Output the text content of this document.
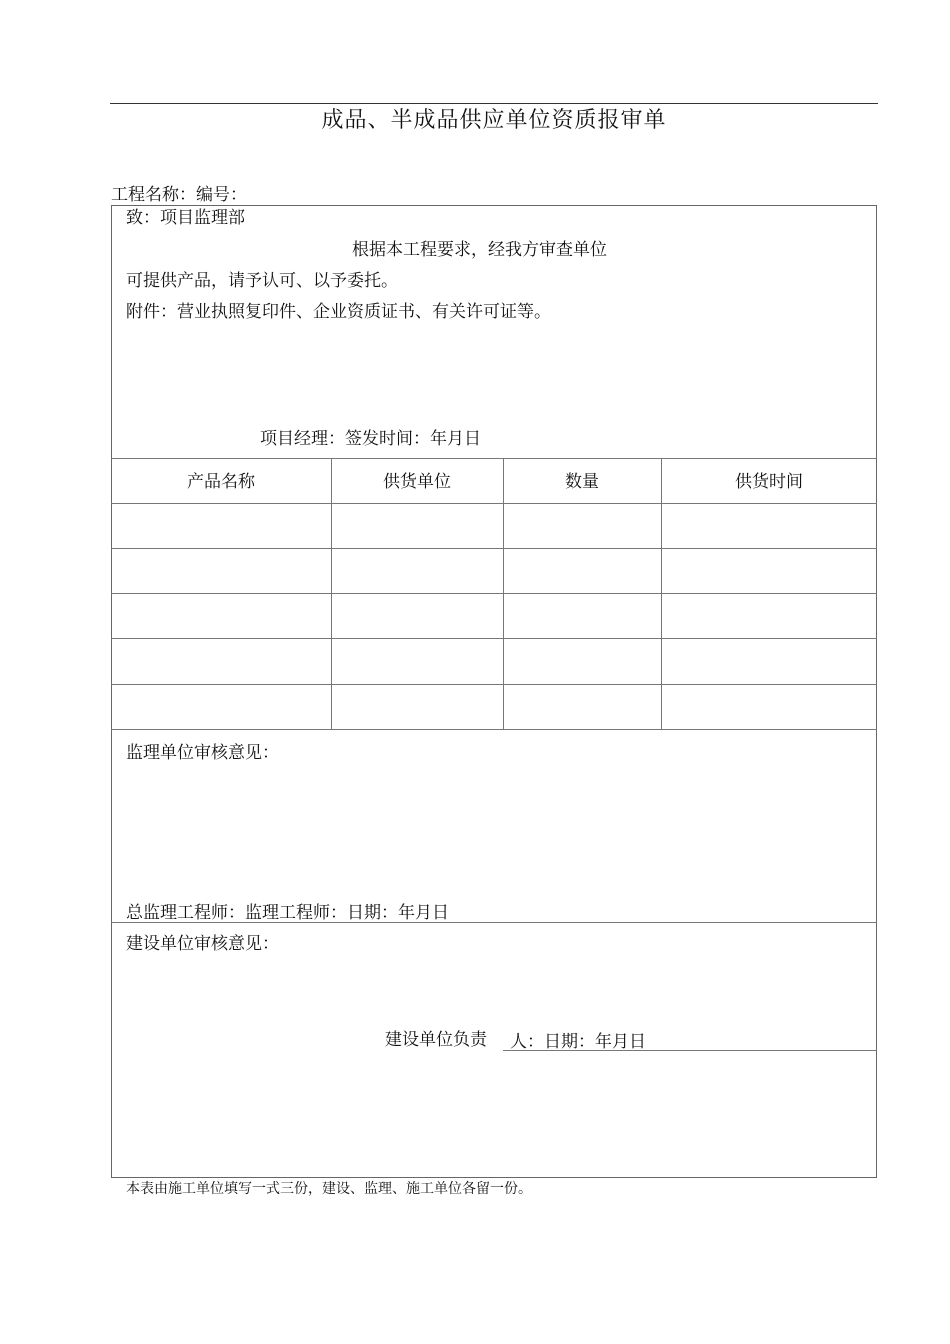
成品、半成品供应单位资质报审单
工程名称：编号：
致：项目监理部
根据本工程要求，经我方审查单位
可提供产品，请予认可、以予委托。
附件：营业执照复印件、企业资质证书、有关许可证等。
项目经理：签发时间：年月日
产品名称	供货单位	数量	供货时间
监理单位审核意见：
总监理工程师：监理工程师：日期：年月日
建设单位审核意见：
建设单位负责 人：日期：年月日
本表由施工单位填写一式三份，建设、监理、施工单位各留一份。
